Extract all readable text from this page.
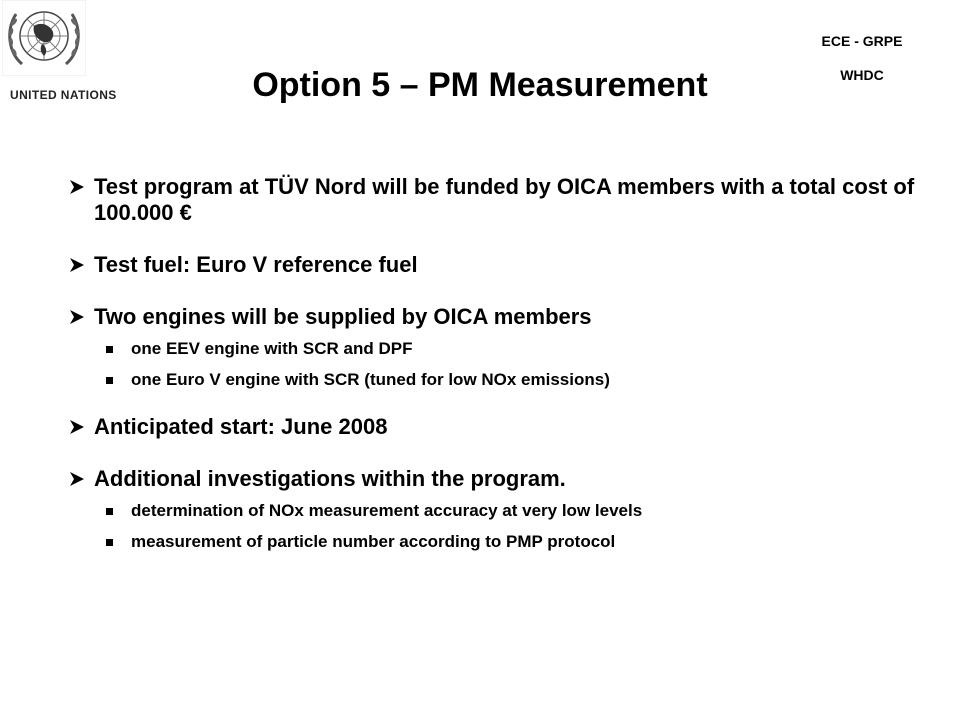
UNITED NATIONS
ECE - GRPE
WHDC
Option 5 – PM Measurement
Test program at TÜV Nord will be funded by OICA members with a total cost of 100.000 €
Test fuel: Euro V reference fuel
Two engines will be supplied by OICA members
one EEV engine with SCR and DPF
one Euro V engine with SCR (tuned for low NOx emissions)
Anticipated start: June 2008
Additional investigations within the program.
determination of NOx measurement accuracy at very low levels
measurement of particle number according to PMP protocol
